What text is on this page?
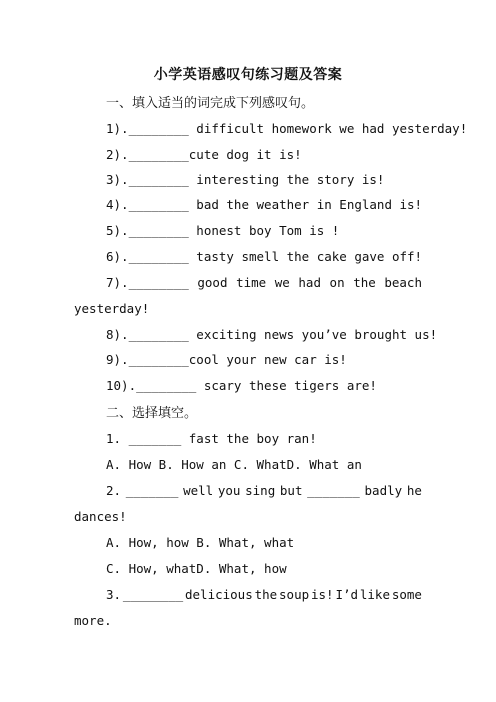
小学英语感叹句练习题及答案
一、填入适当的词完成下列感叹句。
1).________ difficult homework we had yesterday!
2).________cute dog it is!
3).________ interesting the story is!
4).________ bad the weather in England is!
5).________ honest boy Tom is !
6).________ tasty smell the cake gave off!
7).________ good time we had on the beach
yesterday!
8).________ exciting news you’ve brought us!
9).________cool your new car is!
10).________ scary these tigers are!
二、选择填空。
1. _______ fast the boy ran!
A. How B. How an C. WhatD. What an
2. _______ well you sing but _______ badly he
dances!
A. How, how B. What, what
C. How, whatD. What, how
3. ________ delicious the soup is! I’d like some
more.
